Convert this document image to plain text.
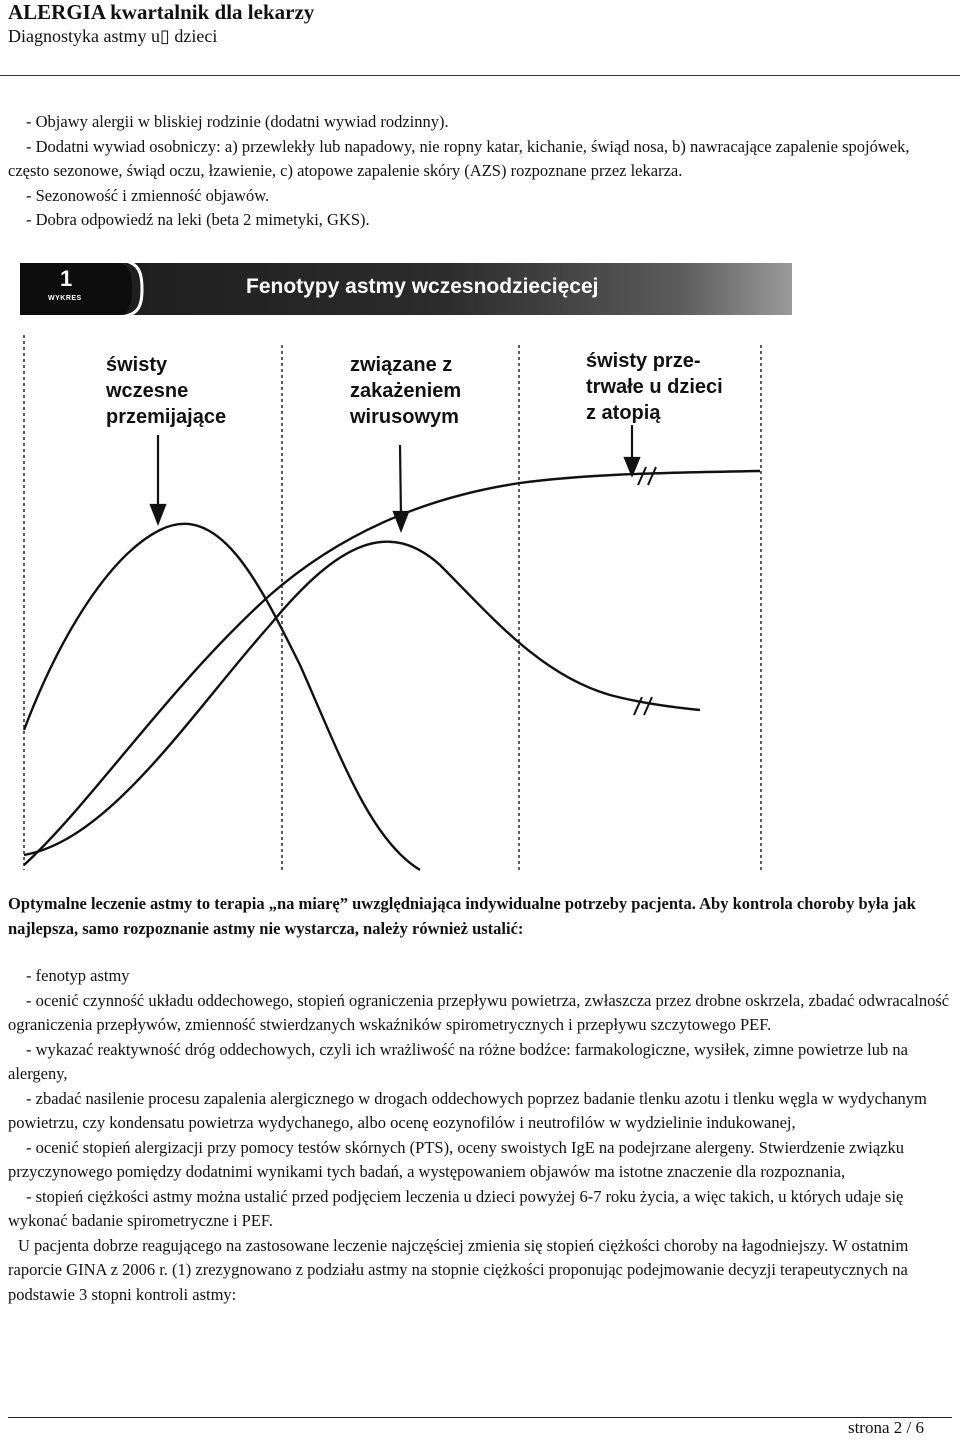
ALERGIA kwartalnik dla lekarzy
Diagnostyka astmy u▯ dzieci

- Objawy alergii w bliskiej rodzinie (dodatni wywiad rodzinny).

- Dodatni wywiad osobniczy: a) przewlekły lub napadowy, nie ropny katar, kichanie, świąd nosa, b) nawracające zapalenie spojówek, często sezonowe, świąd oczu, łzawienie, c) atopowe zapalenie skóry (AZS) rozpoznane przez lekarza.

- Sezonowość i zmienność objawów.

- Dobra odpowiedź na leki (beta 2 mimetyki, GKS).

1
WYKRES
Fenotypy astmy wczesnodziecięcej
świsty
wczesne
przemijające
związane z
zakażeniem
wirusowym
świsty prze-
trwałe u dzieci
z atopią

Optymalne leczenie astmy to terapia „na miarę” uwzględniająca indywidualne potrzeby pacjenta. Aby kontrola choroby była jak najlepsza, samo rozpoznanie astmy nie wystarcza, należy również ustalić:

- fenotyp astmy

- ocenić czynność układu oddechowego, stopień ograniczenia przepływu powietrza, zwłaszcza przez drobne oskrzela, zbadać odwracalność ograniczenia przepływów, zmienność stwierdzanych wskaźników spirometrycznych i przepływu szczytowego PEF.

- wykazać reaktywność dróg oddechowych, czyli ich wrażliwość na różne bodźce: farmakologiczne, wysiłek, zimne powietrze lub na alergeny,

- zbadać nasilenie procesu zapalenia alergicznego w drogach oddechowych poprzez badanie tlenku azotu i tlenku węgla w wydychanym powietrzu, czy kondensatu powietrza wydychanego, albo ocenę eozynofilów i neutrofilów w wydzielinie indukowanej,

- ocenić stopień alergizacji przy pomocy testów skórnych (PTS), oceny swoistych IgE na podejrzane alergeny. Stwierdzenie związku przyczynowego pomiędzy dodatnimi wynikami tych badań, a występowaniem objawów ma istotne znaczenie dla rozpoznania,

- stopień ciężkości astmy można ustalić przed podjęciem leczenia u dzieci powyżej 6-7 roku życia, a więc takich, u których udaje się wykonać badanie spirometryczne i PEF.

U pacjenta dobrze reagującego na zastosowane leczenie najczęściej zmienia się stopień ciężkości choroby na łagodniejszy. W ostatnim raporcie GINA z 2006 r. (1) zrezygnowano z podziału astmy na stopnie ciężkości proponując podejmowanie decyzji terapeutycznych na podstawie 3 stopni kontroli astmy:

strona 2 / 6
